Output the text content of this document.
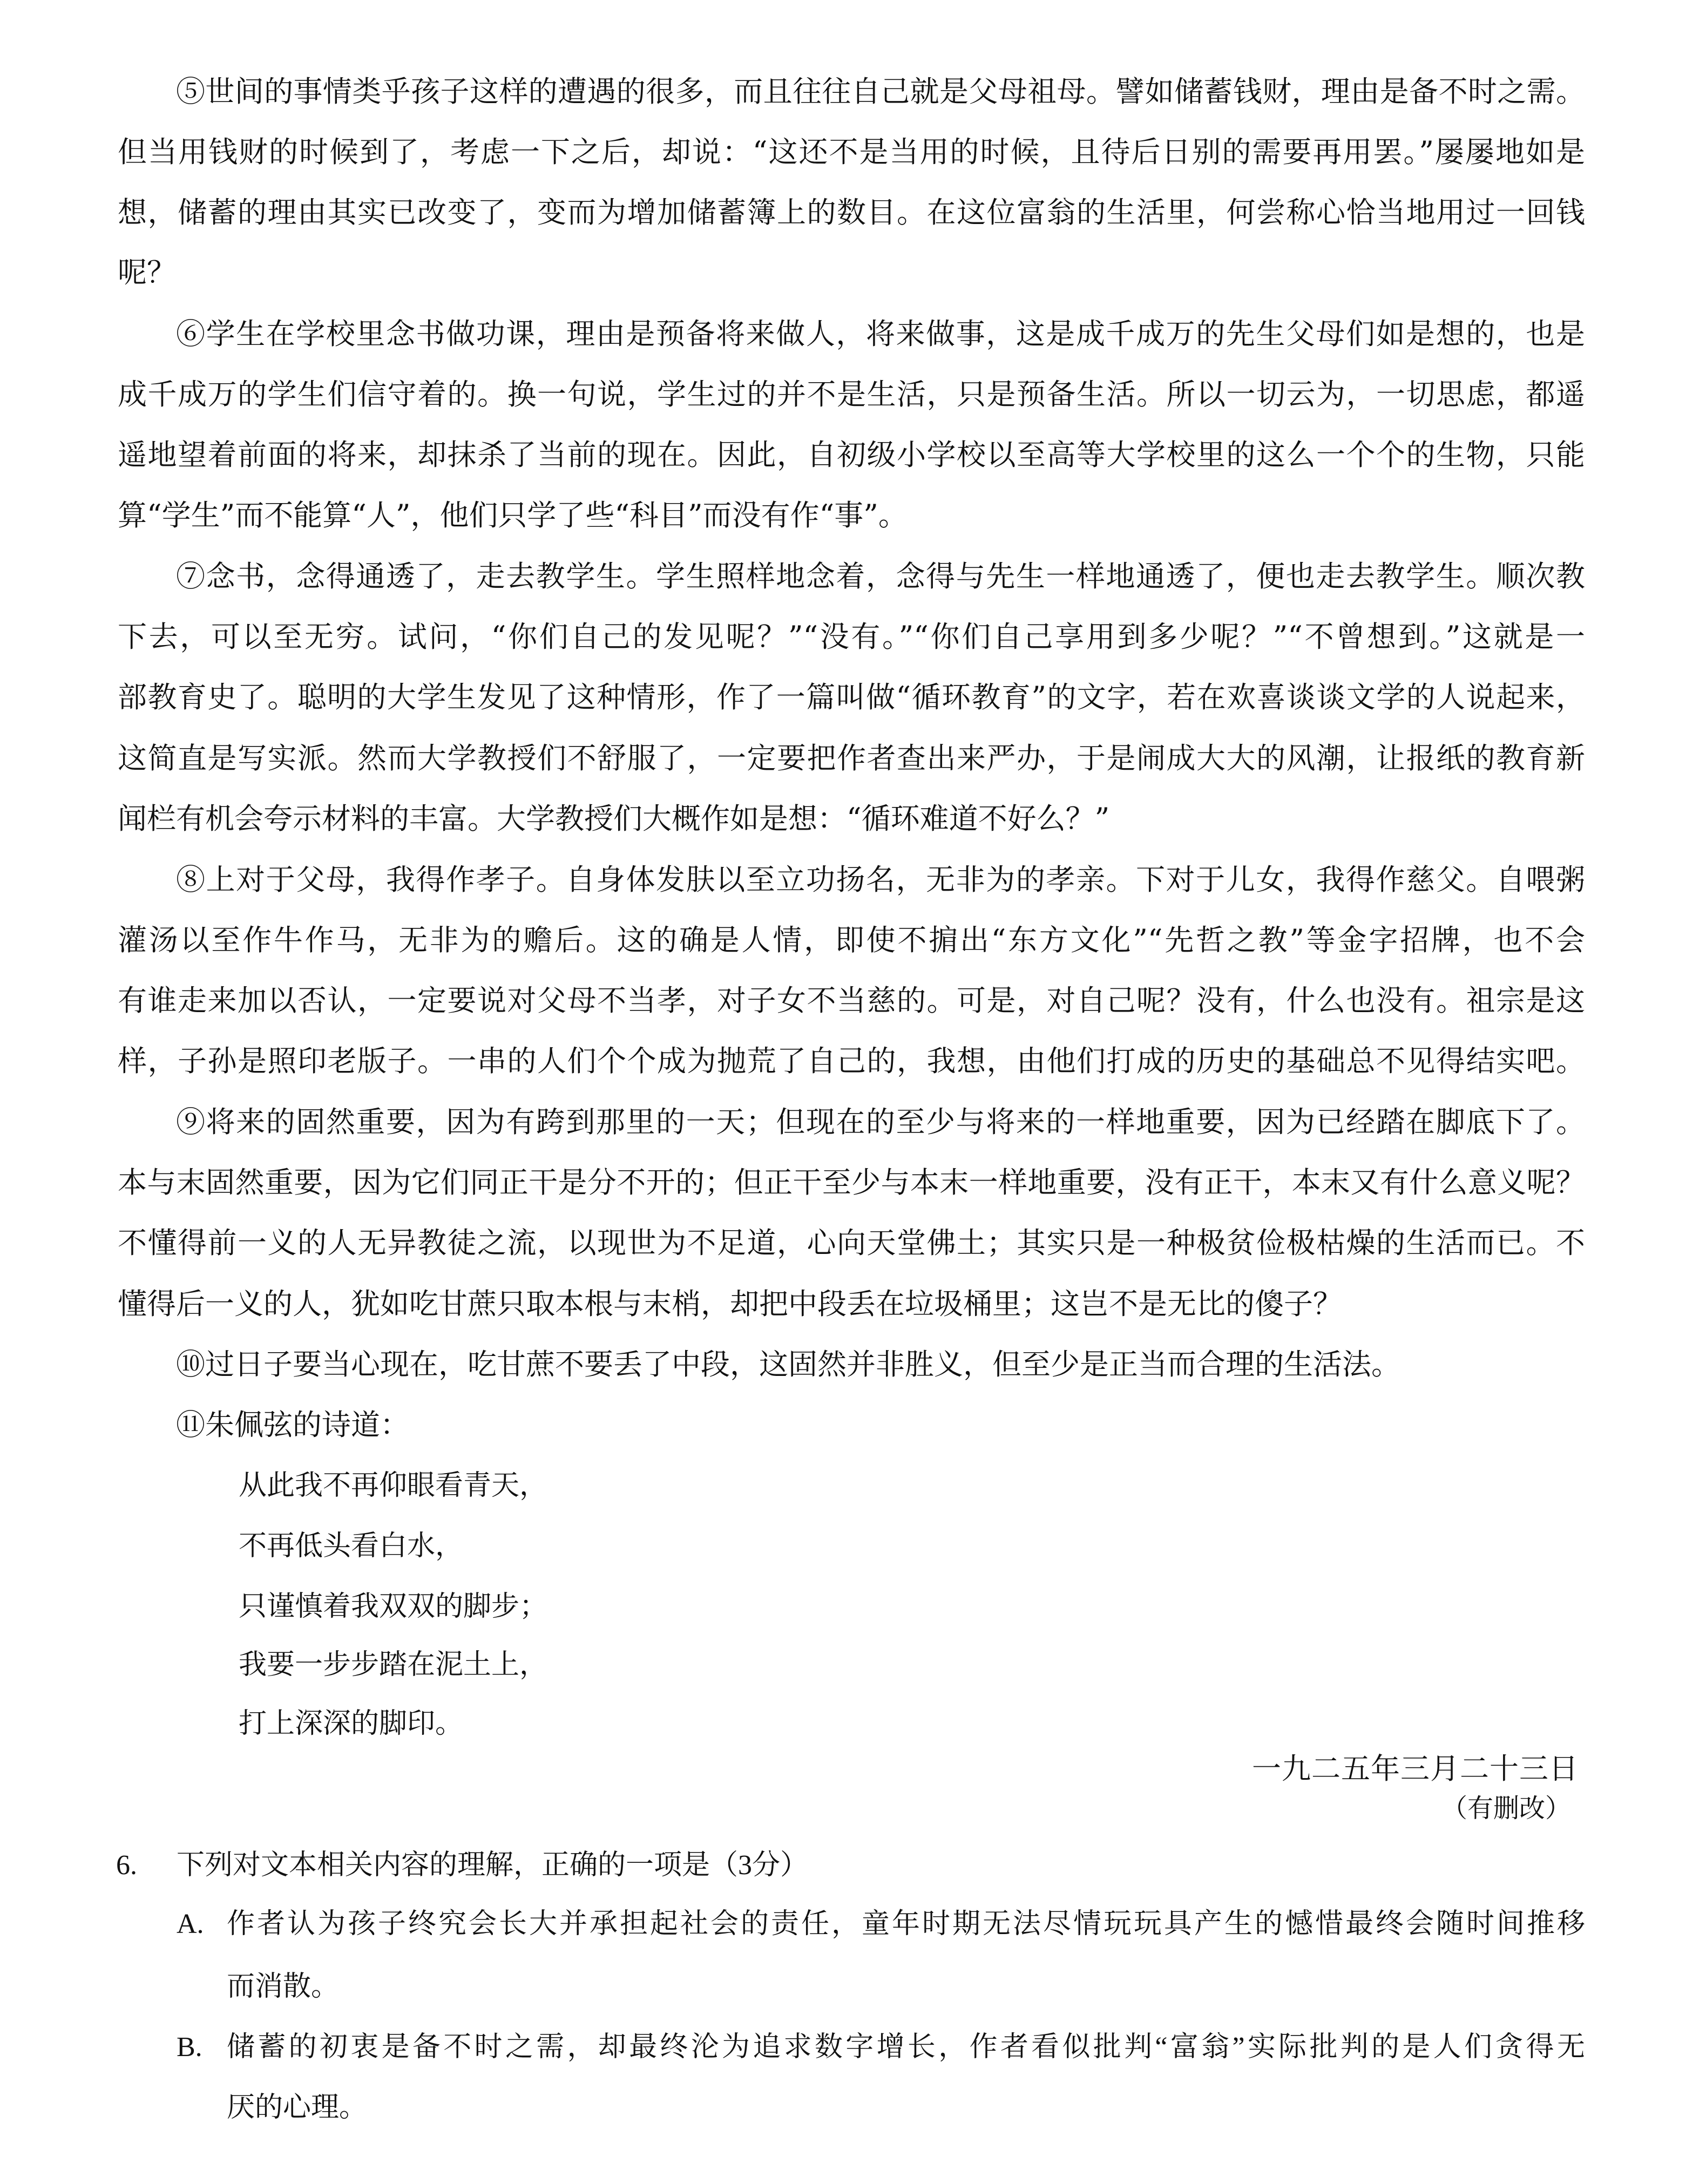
⑤世间的事情类乎孩子这样的遭遇的很多，而且往往自己就是父母祖母。譬如储蓄钱财，理由是备不时之需。
但当用钱财的时候到了，考虑一下之后，却说：“这还不是当用的时候，且待后日别的需要再用罢。”屡屡地如是
想，储蓄的理由其实已改变了，变而为增加储蓄簿上的数目。在这位富翁的生活里，何尝称心恰当地用过一回钱
呢？
⑥学生在学校里念书做功课，理由是预备将来做人，将来做事，这是成千成万的先生父母们如是想的，也是
成千成万的学生们信守着的。换一句说，学生过的并不是生活，只是预备生活。所以一切云为，一切思虑，都遥
遥地望着前面的将来，却抹杀了当前的现在。因此，自初级小学校以至高等大学校里的这么一个个的生物，只能
算“学生”而不能算“人”，他们只学了些“科目”而没有作“事”。
⑦念书，念得通透了，走去教学生。学生照样地念着，念得与先生一样地通透了，便也走去教学生。顺次教
下去，可以至无穷。试问，“你们自己的发见呢？”“没有。”“你们自己享用到多少呢？”“不曾想到。”这就是一
部教育史了。聪明的大学生发见了这种情形，作了一篇叫做“循环教育”的文字，若在欢喜谈谈文学的人说起来，
这简直是写实派。然而大学教授们不舒服了，一定要把作者查出来严办，于是闹成大大的风潮，让报纸的教育新
闻栏有机会夸示材料的丰富。大学教授们大概作如是想：“循环难道不好么？”
⑧上对于父母，我得作孝子。自身体发肤以至立功扬名，无非为的孝亲。下对于儿女，我得作慈父。自喂粥
灌汤以至作牛作马，无非为的赡后。这的确是人情，即使不掮出“东方文化”“先哲之教”等金字招牌，也不会
有谁走来加以否认，一定要说对父母不当孝，对子女不当慈的。可是，对自己呢？没有，什么也没有。祖宗是这
样，子孙是照印老版子。一串的人们个个成为抛荒了自己的，我想，由他们打成的历史的基础总不见得结实吧。
⑨将来的固然重要，因为有跨到那里的一天；但现在的至少与将来的一样地重要，因为已经踏在脚底下了。
本与末固然重要，因为它们同正干是分不开的；但正干至少与本末一样地重要，没有正干，本末又有什么意义呢？
不懂得前一义的人无异教徒之流，以现世为不足道，心向天堂佛土；其实只是一种极贫俭极枯燥的生活而已。不
懂得后一义的人，犹如吃甘蔗只取本根与末梢，却把中段丢在垃圾桶里；这岂不是无比的傻子？
⑩过日子要当心现在，吃甘蔗不要丢了中段，这固然并非胜义，但至少是正当而合理的生活法。
⑪朱佩弦的诗道：
从此我不再仰眼看青天，
不再低头看白水，
只谨慎着我双双的脚步；
我要一步步踏在泥土上，
打上深深的脚印。
一九二五年三月二十三日
（有删改）
6. 下列对文本相关内容的理解，正确的一项是（3分）
A. 作者认为孩子终究会长大并承担起社会的责任，童年时期无法尽情玩玩具产生的憾惜最终会随时间推移
而消散。
B. 储蓄的初衷是备不时之需，却最终沦为追求数字增长，作者看似批判“富翁”实际批判的是人们贪得无
厌的心理。
